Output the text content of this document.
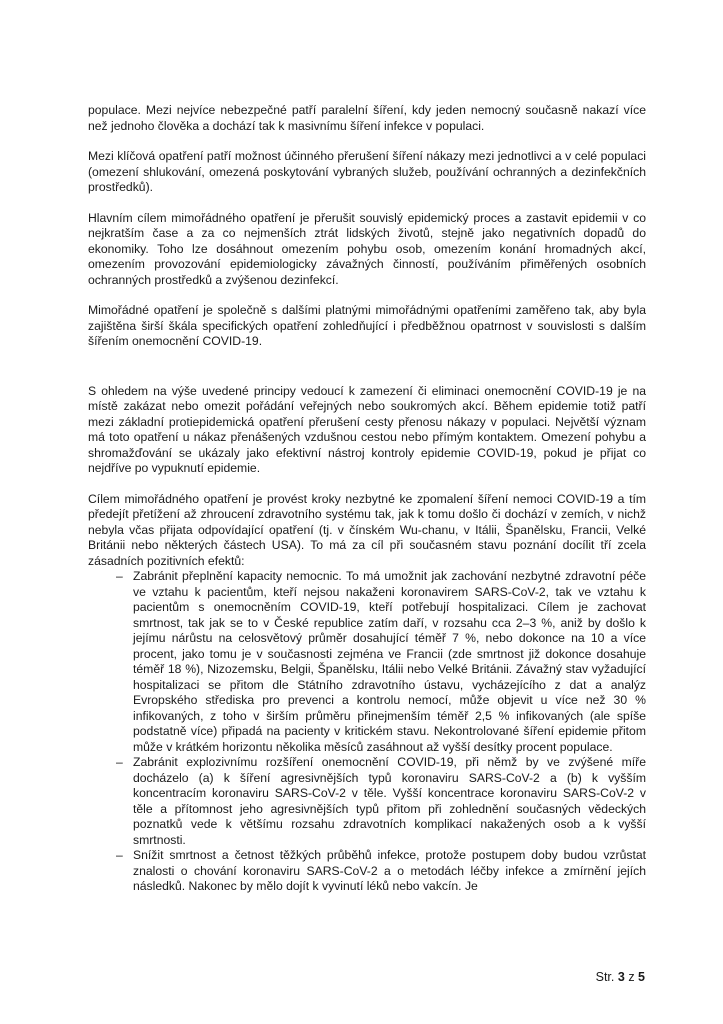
populace. Mezi nejvíce nebezpečné patří paralelní šíření, kdy jeden nemocný současně nakazí více než jednoho člověka a dochází tak k masivnímu šíření infekce v populaci.

Mezi klíčová opatření patří možnost účinného přerušení šíření nákazy mezi jednotlivci a v celé populaci (omezení shlukování, omezená poskytování vybraných služeb, používání ochranných a dezinfekčních prostředků).

Hlavním cílem mimořádného opatření je přerušit souvislý epidemický proces a zastavit epidemii v co nejkratším čase a za co nejmenších ztrát lidských životů, stejně jako negativních dopadů do ekonomiky. Toho lze dosáhnout omezením pohybu osob, omezením konání hromadných akcí, omezením provozování epidemiologicky závažných činností, používáním přiměřených osobních ochranných prostředků a zvýšenou dezinfekcí.

Mimořádné opatření je společně s dalšími platnými mimořádnými opatřeními zaměřeno tak, aby byla zajištěna širší škála specifických opatření zohledňující i předběžnou opatrnost v souvislosti s dalším šířením onemocnění COVID-19.

S ohledem na výše uvedené principy vedoucí k zamezení či eliminaci onemocnění COVID-19 je na místě zakázat nebo omezit pořádání veřejných nebo soukromých akcí. Během epidemie totiž patří mezi základní protiepidemická opatření přerušení cesty přenosu nákazy v populaci. Největší význam má toto opatření u nákaz přenášených vzdušnou cestou nebo přímým kontaktem. Omezení pohybu a shromažďování se ukázaly jako efektivní nástroj kontroly epidemie COVID-19, pokud je přijat co nejdříve po vypuknutí epidemie.

Cílem mimořádného opatření je provést kroky nezbytné ke zpomalení šíření nemoci COVID-19 a tím předejít přetížení až zhroucení zdravotního systému tak, jak k tomu došlo či dochází v zemích, v nichž nebyla včas přijata odpovídající opatření (tj. v čínském Wu-chanu, v Itálii, Španělsku, Francii, Velké Británii nebo některých částech USA). To má za cíl při současném stavu poznání docílit tří zcela zásadních pozitivních efektů:

– Zabránit přeplnění kapacity nemocnic. To má umožnit jak zachování nezbytné zdravotní péče ve vztahu k pacientům, kteří nejsou nakaženi koronavirem SARS-CoV-2, tak ve vztahu k pacientům s onemocněním COVID-19, kteří potřebují hospitalizaci. Cílem je zachovat smrtnost, tak jak se to v České republice zatím daří, v rozsahu cca 2–3 %, aniž by došlo k jejímu nárůstu na celosvětový průměr dosahující téměř 7 %, nebo dokonce na 10 a více procent, jako tomu je v současnosti zejména ve Francii (zde smrtnost již dokonce dosahuje téměř 18 %), Nizozemsku, Belgii, Španělsku, Itálii nebo Velké Británii. Závažný stav vyžadující hospitalizaci se přitom dle Státního zdravotního ústavu, vycházejícího z dat a analýz Evropského střediska pro prevenci a kontrolu nemocí, může objevit u více než 30 % infikovaných, z toho v širším průměru přinejmenším téměř 2,5 % infikovaných (ale spíše podstatně více) připadá na pacienty v kritickém stavu. Nekontrolované šíření epidemie přitom může v krátkém horizontu několika měsíců zasáhnout až vyšší desítky procent populace.
– Zabránit explozivnímu rozšíření onemocnění COVID-19, při němž by ve zvýšené míře docházelo (a) k šíření agresivnějších typů koronaviru SARS-CoV-2 a (b) k vyšším koncentracím koronaviru SARS-CoV-2 v těle. Vyšší koncentrace koronaviru SARS-CoV-2 v těle a přítomnost jeho agresivnějších typů přitom při zohlednění současných vědeckých poznatků vede k většímu rozsahu zdravotních komplikací nakažených osob a k vyšší smrtnosti.
– Snížit smrtnost a četnost těžkých průběhů infekce, protože postupem doby budou vzrůstat znalosti o chování koronaviru SARS-CoV-2 a o metodách léčby infekce a zmírnění jejích následků. Nakonec by mělo dojít k vyvinutí léků nebo vakcín. Je
Str. 3 z 5
